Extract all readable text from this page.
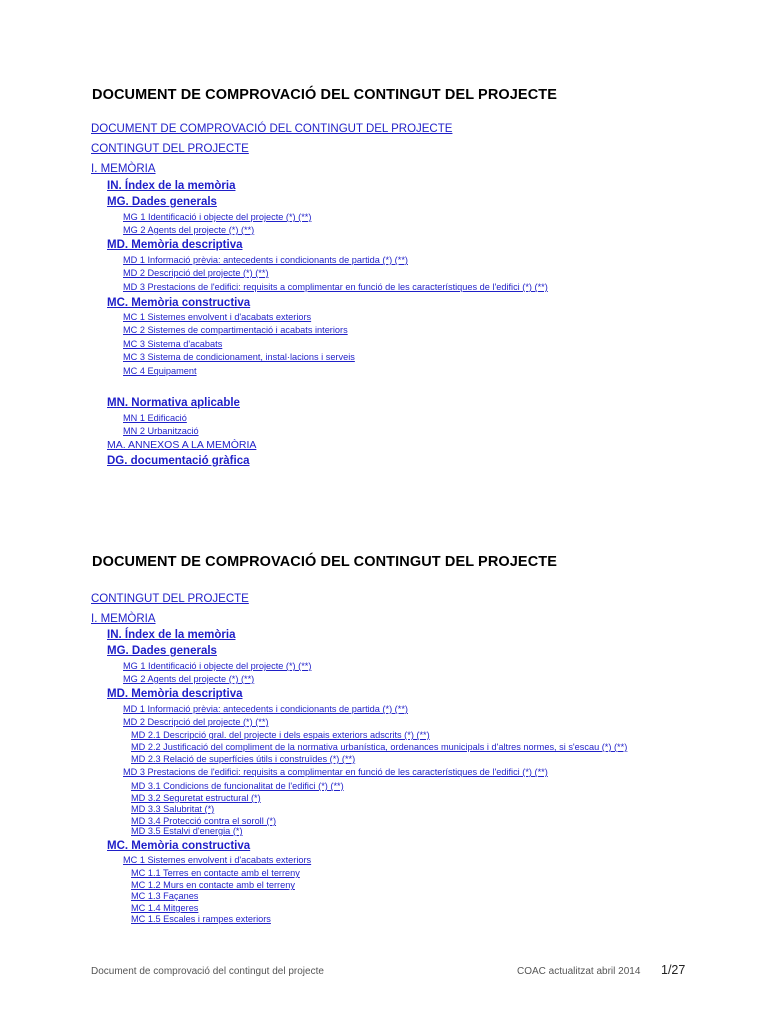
DOCUMENT DE COMPROVACIÓ DEL CONTINGUT DEL PROJECTE
DOCUMENT DE COMPROVACIÓ DEL CONTINGUT DEL PROJECTE
CONTINGUT DEL PROJECTE
I. MEMÒRIA
IN. Índex de la memòria
MG. Dades generals
MG 1 Identificació i objecte del projecte (*) (**)
MG 2 Agents del projecte (*) (**)
MD. Memòria descriptiva
MD 1 Informació prèvia: antecedents i condicionants de partida (*) (**)
MD 2 Descripció del projecte (*) (**)
MD 3 Prestacions de l'edifici: requisits a complimentar en funció de les característiques de l'edifici (*) (**)
MC. Memòria constructiva
MC 1 Sistemes envolvent i d'acabats exteriors
MC 2 Sistemes de compartimentació i acabats interiors
MC 3 Sistema d'acabats
MC 3 Sistema de condicionament, instal·lacions i serveis
MC 4 Equipament
MN. Normativa aplicable
MN 1 Edificació
MN 2 Urbanització
MA. ANNEXOS A LA MEMÒRIA
DG. documentació gràfica
DOCUMENT DE COMPROVACIÓ DEL CONTINGUT DEL PROJECTE
CONTINGUT DEL PROJECTE
I. MEMÒRIA
IN. Índex de la memòria
MG. Dades generals
MG 1 Identificació i objecte del projecte (*) (**)
MG 2 Agents del projecte (*) (**)
MD. Memòria descriptiva
MD 1 Informació prèvia: antecedents i condicionants de partida (*) (**)
MD 2 Descripció del projecte (*) (**)
MD 2.1 Descripció gral. del projecte i dels espais exteriors adscrits (*) (**)
MD 2.2 Justificació del compliment de la normativa urbanística, ordenances municipals i d'altres normes, si s'escau (*) (**)
MD 2.3 Relació de superfícies útils i construïdes (*) (**)
MD 3 Prestacions de l'edifici: requisits a complimentar en funció de les característiques de l'edifici (*) (**)
MD 3.1 Condicions de funcionalitat de l'edifici (*) (**)
MD 3.2 Seguretat estructural (*)
MD 3.3 Salubritat (*)
MD 3.4 Protecció contra el soroll (*)
MD 3.5 Estalvi d'energia (*)
MC. Memòria constructiva
MC 1 Sistemes envolvent i d'acabats exteriors
MC 1.1 Terres en contacte amb el terreny
MC 1.2 Murs en contacte amb el terreny
MC 1.3 Façanes
MC 1.4 Mitgeres
MC 1.5 Escales i rampes exteriors
Document de comprovació del contingut del projecte	COAC actualitzat abril 2014 1/27
